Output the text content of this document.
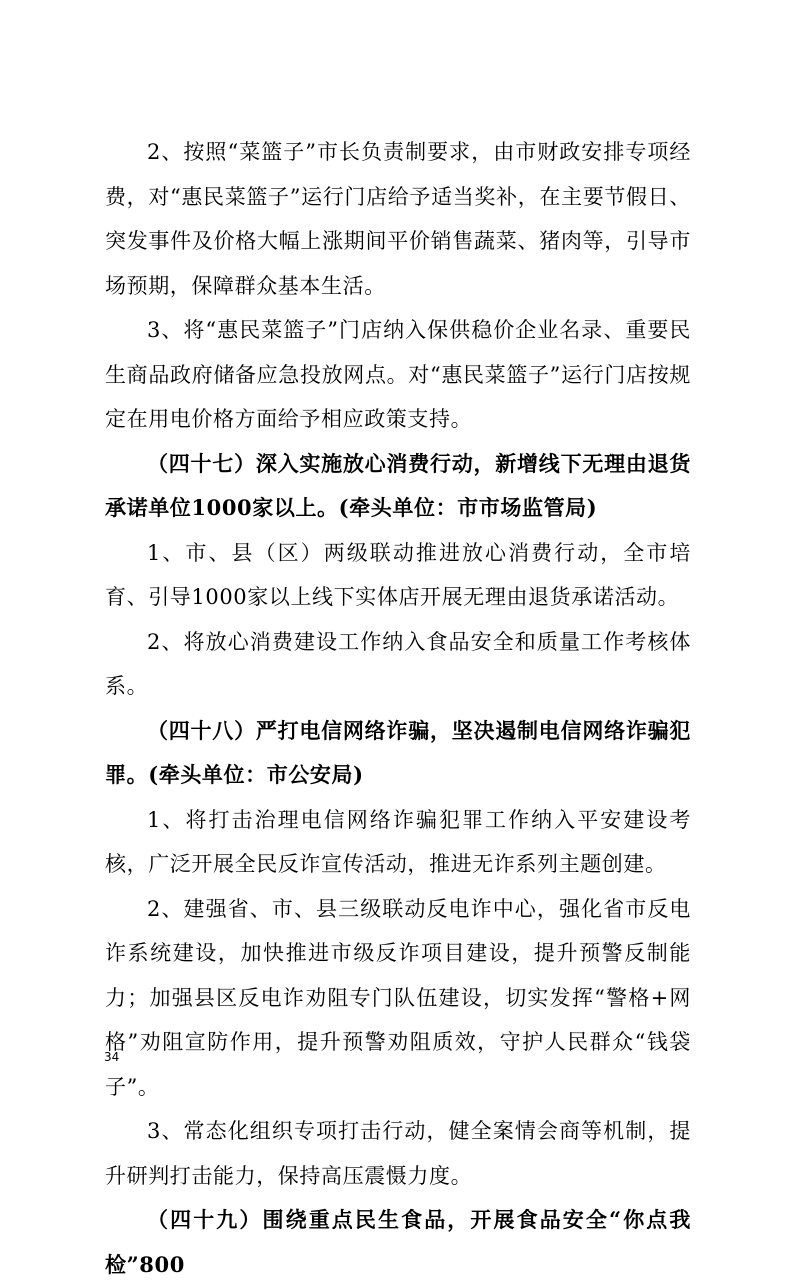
2、按照“菜篮子”市长负责制要求，由市财政安排专项经费，对“惠民菜篮子”运行门店给予适当奖补，在主要节假日、突发事件及价格大幅上涨期间平价销售蔬菜、猪肉等，引导市场预期，保障群众基本生活。

3、将“惠民菜篮子”门店纳入保供稳价企业名录、重要民生商品政府储备应急投放网点。对“惠民菜篮子”运行门店按规定在用电价格方面给予相应政策支持。

（四十七）深入实施放心消费行动，新增线下无理由退货承诺单位1000家以上。(牵头单位：市市场监管局)

1、市、县（区）两级联动推进放心消费行动，全市培育、引导1000家以上线下实体店开展无理由退货承诺活动。

2、将放心消费建设工作纳入食品安全和质量工作考核体系。

（四十八）严打电信网络诈骗，坚决遏制电信网络诈骗犯罪。(牵头单位：市公安局)

1、将打击治理电信网络诈骗犯罪工作纳入平安建设考核，广泛开展全民反诈宣传活动，推进无诈系列主题创建。

2、建强省、市、县三级联动反电诈中心，强化省市反电诈系统建设，加快推进市级反诈项目建设，提升预警反制能力；加强县区反电诈劝阻专门队伍建设，切实发挥“警格+网格”劝阻宣防作用，提升预警劝阻质效，守护人民群众“钱袋子”。

3、常态化组织专项打击行动，健全案情会商等机制，提升研判打击能力，保持高压震慑力度。

（四十九）围绕重点民生食品，开展食品安全“你点我检”800

34
